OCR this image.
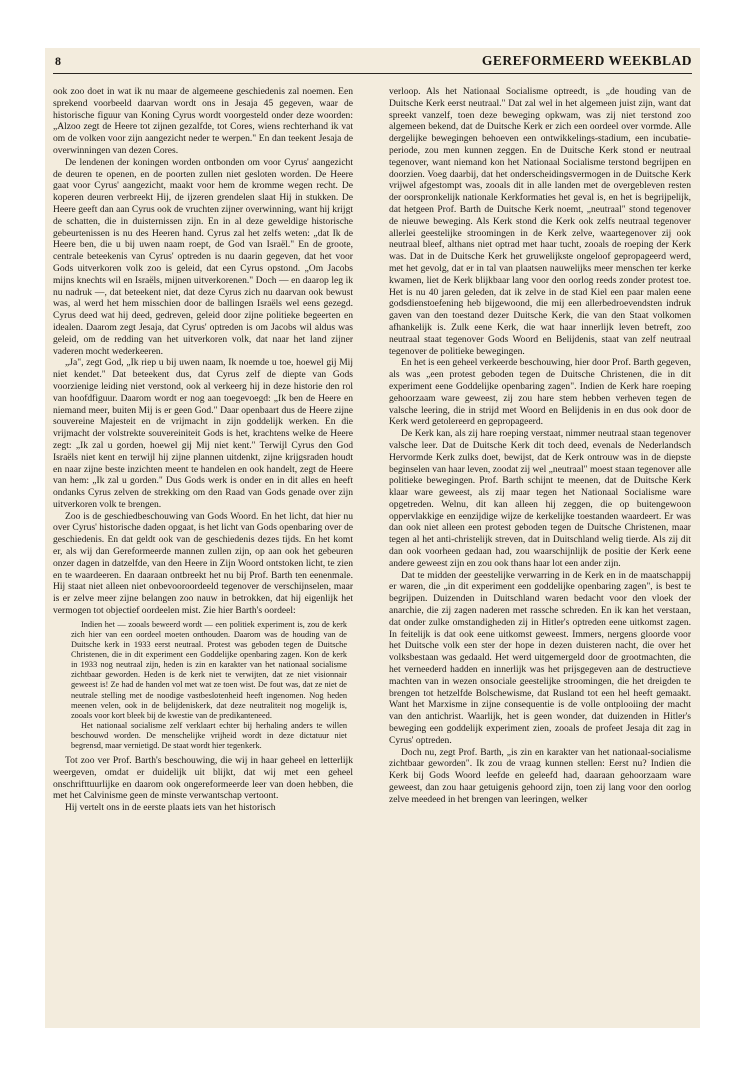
8	GEREFORMEERD WEEKBLAD

ook zoo doet in wat ik nu maar de algemeene geschiedenis zal noemen. Een sprekend voorbeeld daarvan wordt ons in Jesaja 45 gegeven, waar de historische figuur van Koning Cyrus wordt voorgesteld onder deze woorden: „Alzoo zegt de Heere tot zijnen gezalfde, tot Cores, wiens rechterhand ik vat om de volken voor zijn aangezicht neder te werpen." En dan teekent Jesaja de overwinningen van dezen Cores.

De lendenen der koningen worden ontbonden om voor Cyrus' aangezicht de deuren te openen, en de poorten zullen niet gesloten worden. De Heere gaat voor Cyrus' aangezicht, maakt voor hem de kromme wegen recht. De koperen deuren verbreekt Hij, de ijzeren grendelen slaat Hij in stukken. De Heere geeft dan aan Cyrus ook de vruchten zijner overwinning, want hij krijgt de schatten, die in duisternissen zijn. En in al deze geweldige historische gebeurtenissen is nu des Heeren hand. Cyrus zal het zelfs weten: „dat Ik de Heere ben, die u bij uwen naam roept, de God van Israël." En de groote, centrale beteekenis van Cyrus' optreden is nu daarin gegeven, dat het voor Gods uitverkoren volk zoo is geleid, dat een Cyrus opstond. „Om Jacobs mijns knechts wil en Israëls, mijnen uitverkorenen." Doch — en daarop leg ik nu nadruk —, dat beteekent niet, dat deze Cyrus zich nu daarvan ook bewust was, al werd het hem misschien door de ballingen Israëls wel eens gezegd. Cyrus deed wat hij deed, gedreven, geleid door zijne politieke begeerten en idealen. Daarom zegt Jesaja, dat Cyrus' optreden is om Jacobs wil aldus was geleid, om de redding van het uitverkoren volk, dat naar het land zijner vaderen mocht wederkeeren.

„Ja", zegt God, „Ik riep u bij uwen naam, Ik noemde u toe, hoewel gij Mij niet kendet." Dat beteekent dus, dat Cyrus zelf de diepte van Gods voorzienige leiding niet verstond, ook al verkeerg hij in deze historie den rol van hoofdfiguur. Daarom wordt er nog aan toegevoegd: „Ik ben de Heere en niemand meer, buiten Mij is er geen God." Daar openbaart dus de Heere zijne souvereine Majesteit en de vrijmacht in zijn goddelijk werken. En die vrijmacht der volstrekte souvereiniteit Gods is het, krachtens welke de Heere zegt: „Ik zal u gorden, hoewel gij Mij niet kent." Terwijl Cyrus den God Israëls niet kent en terwijl hij zijne plannen uitdenkt, zijne krijgsraden houdt en naar zijne beste inzichten meent te handelen en ook handelt, zegt de Heere van hem: „Ik zal u gorden." Dus Gods werk is onder en in dit alles en heeft ondanks Cyrus zelven de strekking om den Raad van Gods genade over zijn uitverkoren volk te brengen.

Zoo is de geschiedbeschouwing van Gods Woord. En het licht, dat hier nu over Cyrus' historische daden opgaat, is het licht van Gods openbaring over de geschiedenis. En dat geldt ook van de geschiedenis dezes tijds. En het komt er, als wij dan Gereformeerde mannen zullen zijn, op aan ook het gebeuren onzer dagen in datzelfde, van den Heere in Zijn Woord ontstoken licht, te zien en te waardeeren. En daaraan ontbreekt het nu bij Prof. Barth ten eenenmale. Hij staat niet alleen niet onbevooroordeeld tegenover de verschijnselen, maar is er zelve meer zijne belangen zoo nauw in betrokken, dat hij eigenlijk het vermogen tot objectief oordeelen mist. Zie hier Barth's oordeel:

Indien het — zooals beweerd wordt — een politiek experiment is, zou de kerk zich hier van een oordeel moeten onthouden. Daarom was de houding van de Duitsche kerk in 1933 eerst neutraal. Protest was geboden tegen de Duitsche Christenen, die in dit experiment een Goddelijke openbaring zagen. Kon de kerk in 1933 nog neutraal zijn, heden is zin en karakter van het nationaal socialisme zichtbaar geworden. Heden is de kerk niet te verwijten, dat ze niet visionnair geweest is! Ze had de handen vol met wat ze toen wist. De fout was, dat ze niet de neutrale stelling met de noodige vastbeslotenheid heeft ingenomen. Nog heden meenen velen, ook in de belijdeniskerk, dat deze neutraliteit nog mogelijk is, zooals voor kort bleek bij de kwestie van de predikanteneed.

Het nationaal socialisme zelf verklaart echter bij herhaling anders te willen beschouwd worden. De menschelijke vrijheid wordt in deze dictatuur niet begrensd, maar vernietigd. De staat wordt hier tegenkerk.

Tot zoo ver Prof. Barth's beschouwing, die wij in haar geheel en letterlijk weergeven, omdat er duidelijk uit blijkt, dat wij met een geheel onschrifttuurlijke en daarom ook ongereformeerde leer van doen hebben, die met het Calvinisme geen de minste verwantschap vertoont.

Hij vertelt ons in de eerste plaats iets van het historisch

verloop. Als het Nationaal Socialisme optreedt, is „de houding van de Duitsche Kerk eerst neutraal." Dat zal wel in het algemeen juist zijn, want dat spreekt vanzelf, toen deze beweging opkwam, was zij niet terstond zoo algemeen bekend, dat de Duitsche Kerk er zich een oordeel over vormde. Alle dergelijke bewegingen behoeven een ontwikkelings-stadium, een incubatie-periode, zou men kunnen zeggen. En de Duitsche Kerk stond er neutraal tegenover, want niemand kon het Nationaal Socialisme terstond begrijpen en doorzien. Voeg daarbij, dat het onderscheidingsvermogen in de Duitsche Kerk vrijwel afgestompt was, zooals dit in alle landen met de overgebleven resten der oorspronkelijk nationale Kerkformaties het geval is, en het is begrijpelijk, dat hetgeen Prof. Barth de Duitsche Kerk noemt, „neutraal" stond tegenover de nieuwe beweging. Als Kerk stond die Kerk ook zelfs neutraal tegenover allerlei geestelijke stroomingen in de Kerk zelve, waartegenover zij ook neutraal bleef, althans niet optrad met haar tucht, zooals de roeping der Kerk was. Dat in de Duitsche Kerk het gruwelijkste ongeloof gepropageerd werd, met het gevolg, dat er in tal van plaatsen nauwelijks meer menschen ter kerke kwamen, liet de Kerk blijkbaar lang voor den oorlog reeds zonder protest toe. Het is nu 40 jaren geleden, dat ik zelve in de stad Kiel een paar malen eene godsdienstoefening heb bijgewoond, die mij een allerbedroevendsten indruk gaven van den toestand dezer Duitsche Kerk, die van den Staat volkomen afhankelijk is. Zulk eene Kerk, die wat haar innerlijk leven betreft, zoo neutraal staat tegenover Gods Woord en Belijdenis, staat van zelf neutraal tegenover de politieke bewegingen.

En het is een geheel verkeerde beschouwing, hier door Prof. Barth gegeven, als was „een protest geboden tegen de Duitsche Christenen, die in dit experiment eene Goddelijke openbaring zagen". Indien de Kerk hare roeping gehoorzaam ware geweest, zij zou hare stem hebben verheven tegen de valsche leering, die in strijd met Woord en Belijdenis in en dus ook door de Kerk werd getolereerd en gepropageerd.

De Kerk kan, als zij hare roeping verstaat, nimmer neutraal staan tegenover valsche leer. Dat de Duitsche Kerk dit toch deed, evenals de Nederlandsch Hervormde Kerk zulks doet, bewijst, dat de Kerk ontrouw was in de diepste beginselen van haar leven, zoodat zij wel „neutraal" moest staan tegenover alle politieke bewegingen. Prof. Barth schijnt te meenen, dat de Duitsche Kerk klaar ware geweest, als zij maar tegen het Nationaal Socialisme ware opgetreden. Welnu, dit kan alleen hij zeggen, die op buitengewoon oppervlakkige en eenzijdige wijze de kerkelijke toestanden waardeert. Er was dan ook niet alleen een protest geboden tegen de Duitsche Christenen, maar tegen al het anti-christelijk streven, dat in Duitschland welig tierde. Als zij dit dan ook voorheen gedaan had, zou waarschijnlijk de positie der Kerk eene andere geweest zijn en zou ook thans haar lot een ander zijn.

Dat te midden der geestelijke verwarring in de Kerk en in de maatschappij er waren, die „in dit experiment een goddelijke openbaring zagen", is best te begrijpen. Duizenden in Duitschland waren bedacht voor den vloek der anarchie, die zij zagen naderen met rassche schreden. En ik kan het verstaan, dat onder zulke omstandigheden zij in Hitler's optreden eene uitkomst zagen. In feitelijk is dat ook eene uitkomst geweest. Immers, nergens gloorde voor het Duitsche volk een ster der hope in dezen duisteren nacht, die over het volksbestaan was gedaald. Het werd uitgemergeld door de grootmachten, die het verneederd hadden en innerlijk was het prijsgegeven aan de destructieve machten van in wezen onsociale geestelijke stroomingen, die het dreigden te brengen tot hetzelfde Bolschewisme, dat Rusland tot een hel heeft gemaakt. Want het Marxisme in zijne consequentie is de volle ontplooiing der macht van den antichrist. Waarlijk, het is geen wonder, dat duizenden in Hitler's beweging een goddelijk experiment zien, zooals de profeet Jesaja dit zag in Cyrus' optreden.

Doch nu, zegt Prof. Barth, „is zin en karakter van het nationaal-socialisme zichtbaar geworden". Ik zou de vraag kunnen stellen: Eerst nu? Indien die Kerk bij Gods Woord leefde en geleefd had, daaraan gehoorzaam ware geweest, dan zou haar getuigenis gehoord zijn, toen zij lang voor den oorlog zelve meedeed in het brengen van leeringen, welker
